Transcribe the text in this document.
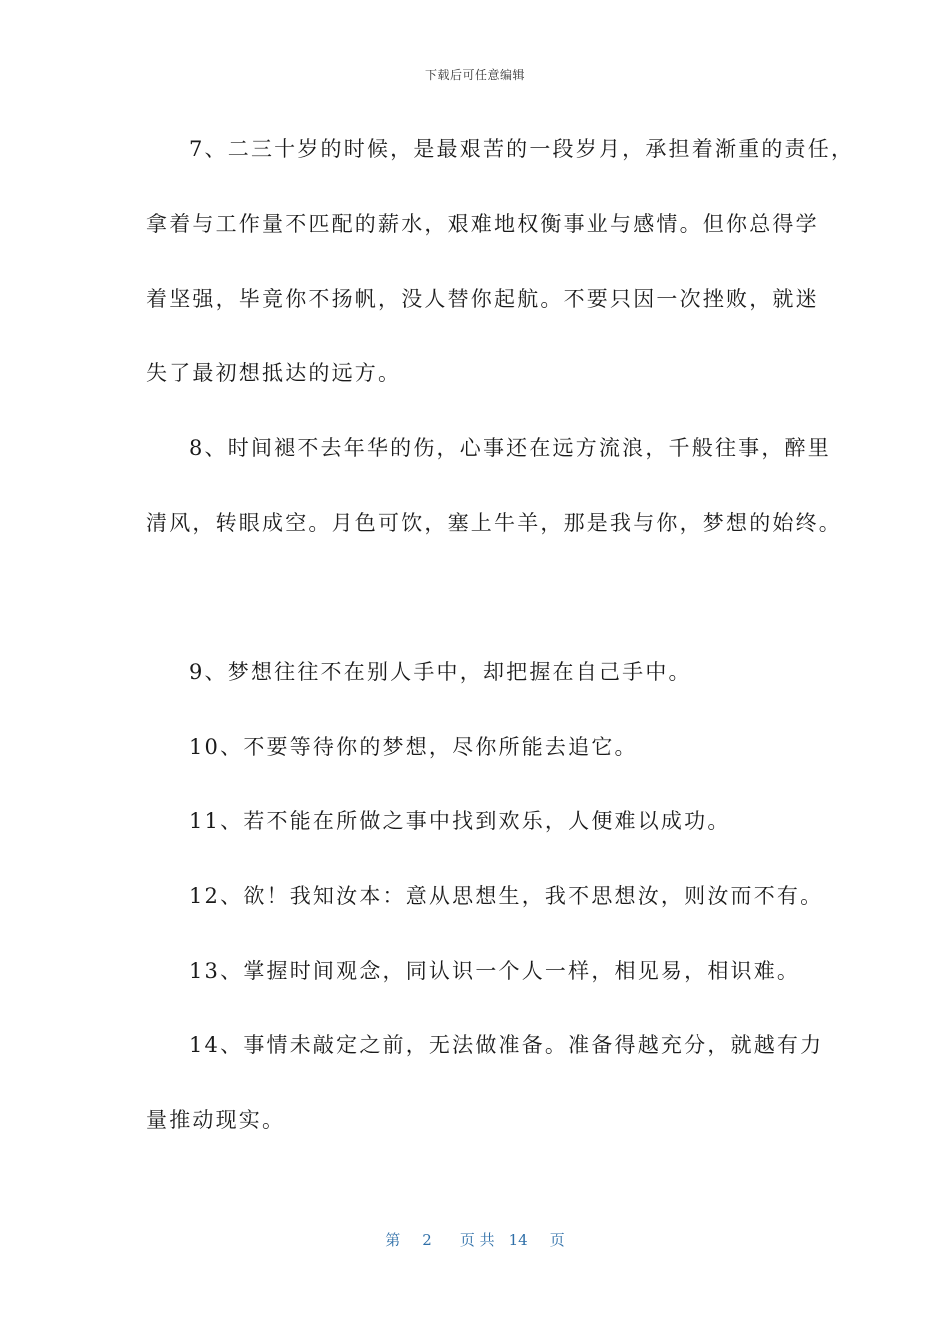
下载后可任意编辑
7、二三十岁的时候，是最艰苦的一段岁月，承担着渐重的责任，
拿着与工作量不匹配的薪水，艰难地权衡事业与感情。但你总得学
着坚强，毕竟你不扬帆，没人替你起航。不要只因一次挫败，就迷
失了最初想抵达的远方。
8、时间褪不去年华的伤，心事还在远方流浪，千般往事，醉里
清风，转眼成空。月色可饮，塞上牛羊，那是我与你，梦想的始终。
9、梦想往往不在别人手中，却把握在自己手中。
10、不要等待你的梦想，尽你所能去追它。
11、若不能在所做之事中找到欢乐，人便难以成功。
12、欲！我知汝本：意从思想生，我不思想汝，则汝而不有。
13、掌握时间观念，同认识一个人一样，相见易，相识难。
14、事情未敲定之前，无法做准备。准备得越充分，就越有力
量推动现实。
第 2 页 共 14 页
